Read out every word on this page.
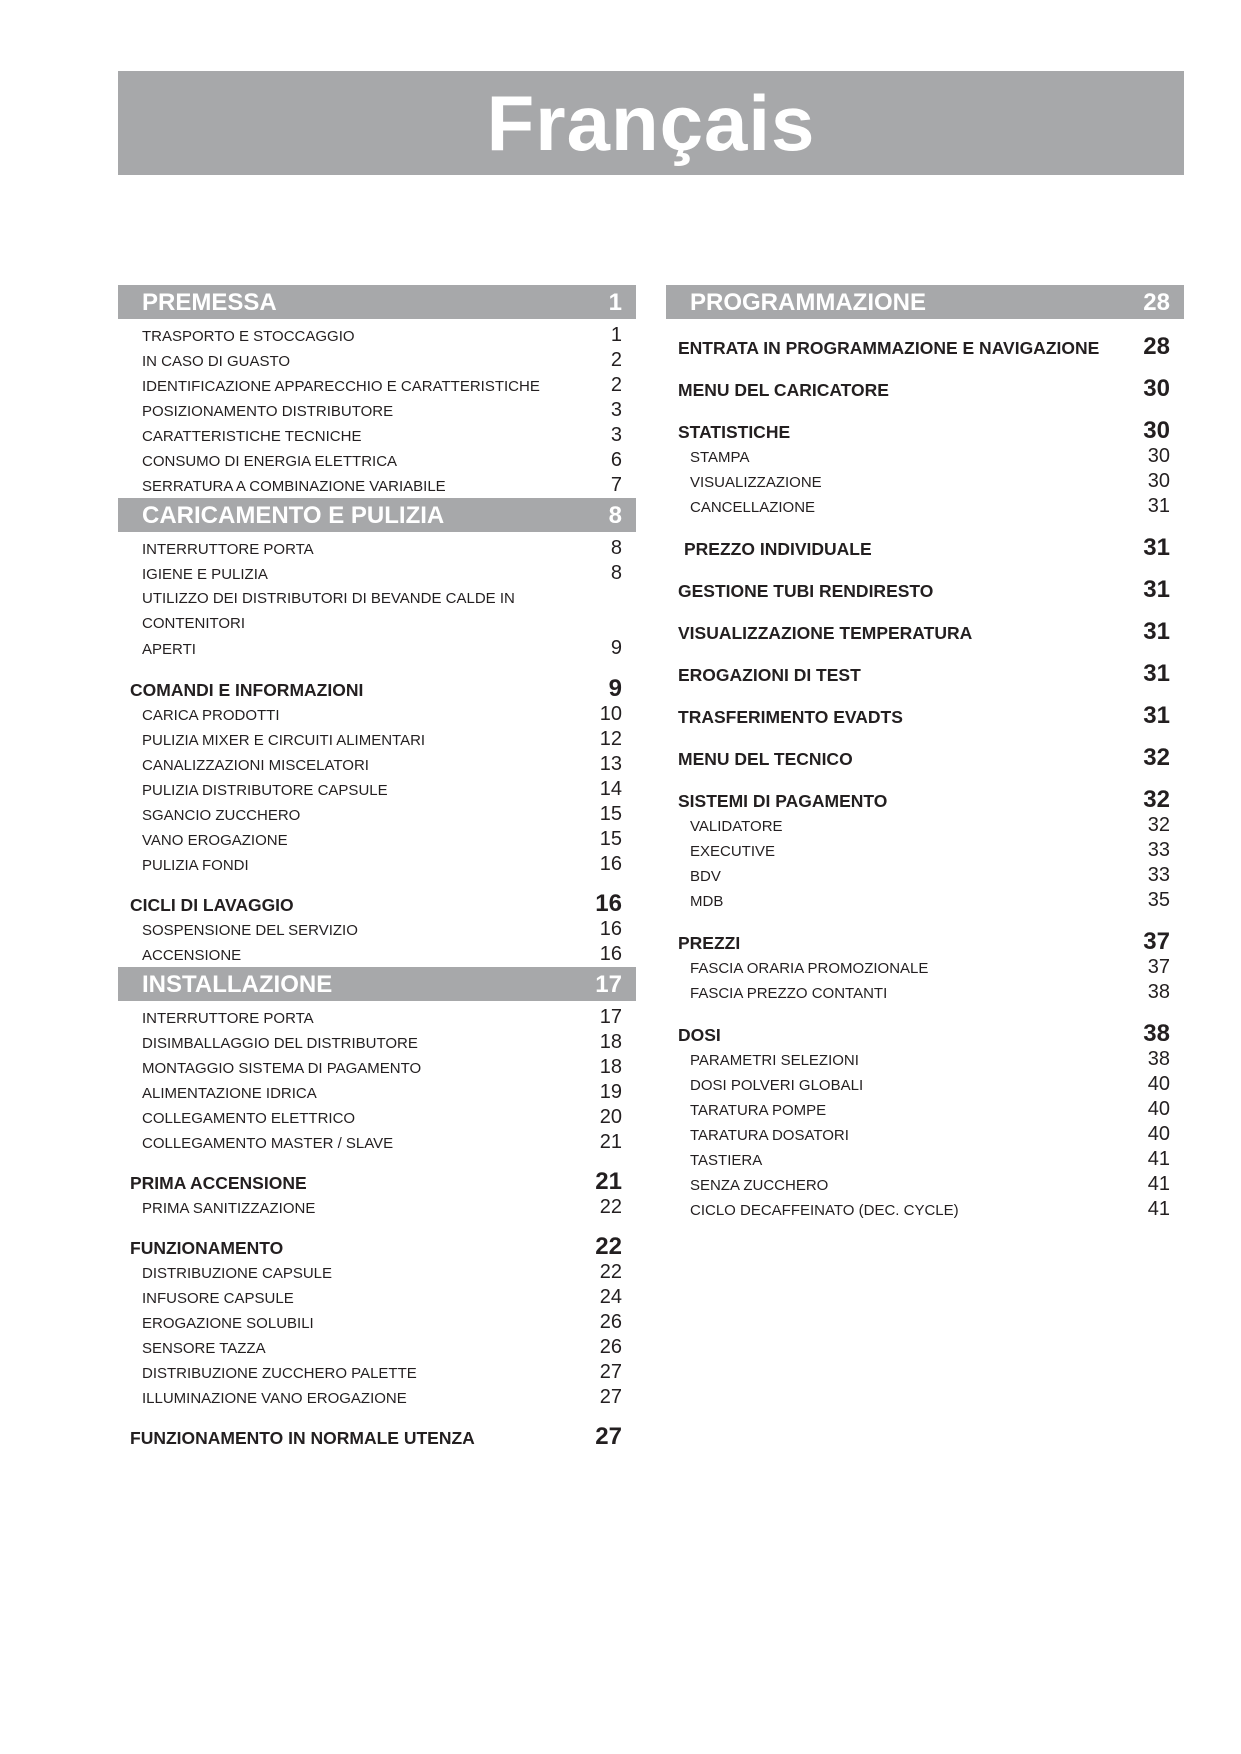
Français
PREMESSA	1
TRASPORTO E STOCCAGGIO	1
IN CASO DI GUASTO	2
IDENTIFICAZIONE APPARECCHIO E CARATTERISTICHE	2
POSIZIONAMENTO DISTRIBUTORE	3
CARATTERISTICHE TECNICHE	3
CONSUMO DI ENERGIA ELETTRICA	6
SERRATURA A COMBINAZIONE VARIABILE	7
CARICAMENTO E PULIZIA	8
INTERRUTTORE PORTA	8
IGIENE E PULIZIA	8
UTILIZZO DEI DISTRIBUTORI DI BEVANDE CALDE IN CONTENITORI
APERTI	9
COMANDI E INFORMAZIONI	9
CARICA PRODOTTI	10
PULIZIA MIXER E CIRCUITI ALIMENTARI	12
CANALIZZAZIONI MISCELATORI	13
PULIZIA DISTRIBUTORE CAPSULE	14
SGANCIO ZUCCHERO	15
VANO EROGAZIONE	15
PULIZIA FONDI	16
CICLI DI LAVAGGIO	16
SOSPENSIONE DEL SERVIZIO	16
ACCENSIONE	16
INSTALLAZIONE	17
INTERRUTTORE PORTA	17
DISIMBALLAGGIO DEL DISTRIBUTORE	18
MONTAGGIO SISTEMA DI PAGAMENTO	18
ALIMENTAZIONE IDRICA	19
COLLEGAMENTO ELETTRICO	20
COLLEGAMENTO MASTER / SLAVE	21
PRIMA ACCENSIONE	21
PRIMA SANITIZZAZIONE	22
FUNZIONAMENTO	22
DISTRIBUZIONE CAPSULE	22
INFUSORE CAPSULE	24
EROGAZIONE SOLUBILI	26
SENSORE TAZZA	26
DISTRIBUZIONE ZUCCHERO PALETTE	27
ILLUMINAZIONE VANO EROGAZIONE	27
FUNZIONAMENTO IN NORMALE UTENZA	27
PROGRAMMAZIONE	28
ENTRATA IN PROGRAMMAZIONE E NAVIGAZIONE 28
MENU DEL CARICATORE	30
STATISTICHE	30
STAMPA	30
VISUALIZZAZIONE	30
CANCELLAZIONE	31
PREZZO INDIVIDUALE	31
GESTIONE TUBI RENDIRESTO	31
VISUALIZZAZIONE TEMPERATURA	31
EROGAZIONI DI TEST	31
TRASFERIMENTO EVADTS	31
MENU DEL TECNICO	32
SISTEMI DI PAGAMENTO	32
VALIDATORE	32
EXECUTIVE	33
BDV	33
MDB	35
PREZZI	37
FASCIA ORARIA PROMOZIONALE	37
FASCIA PREZZO CONTANTI	38
DOSI	38
PARAMETRI SELEZIONI	38
DOSI POLVERI GLOBALI	40
TARATURA POMPE	40
TARATURA DOSATORI	40
TASTIERA	41
SENZA ZUCCHERO	41
CICLO DECAFFEINATO (DEC. CYCLE)	41
